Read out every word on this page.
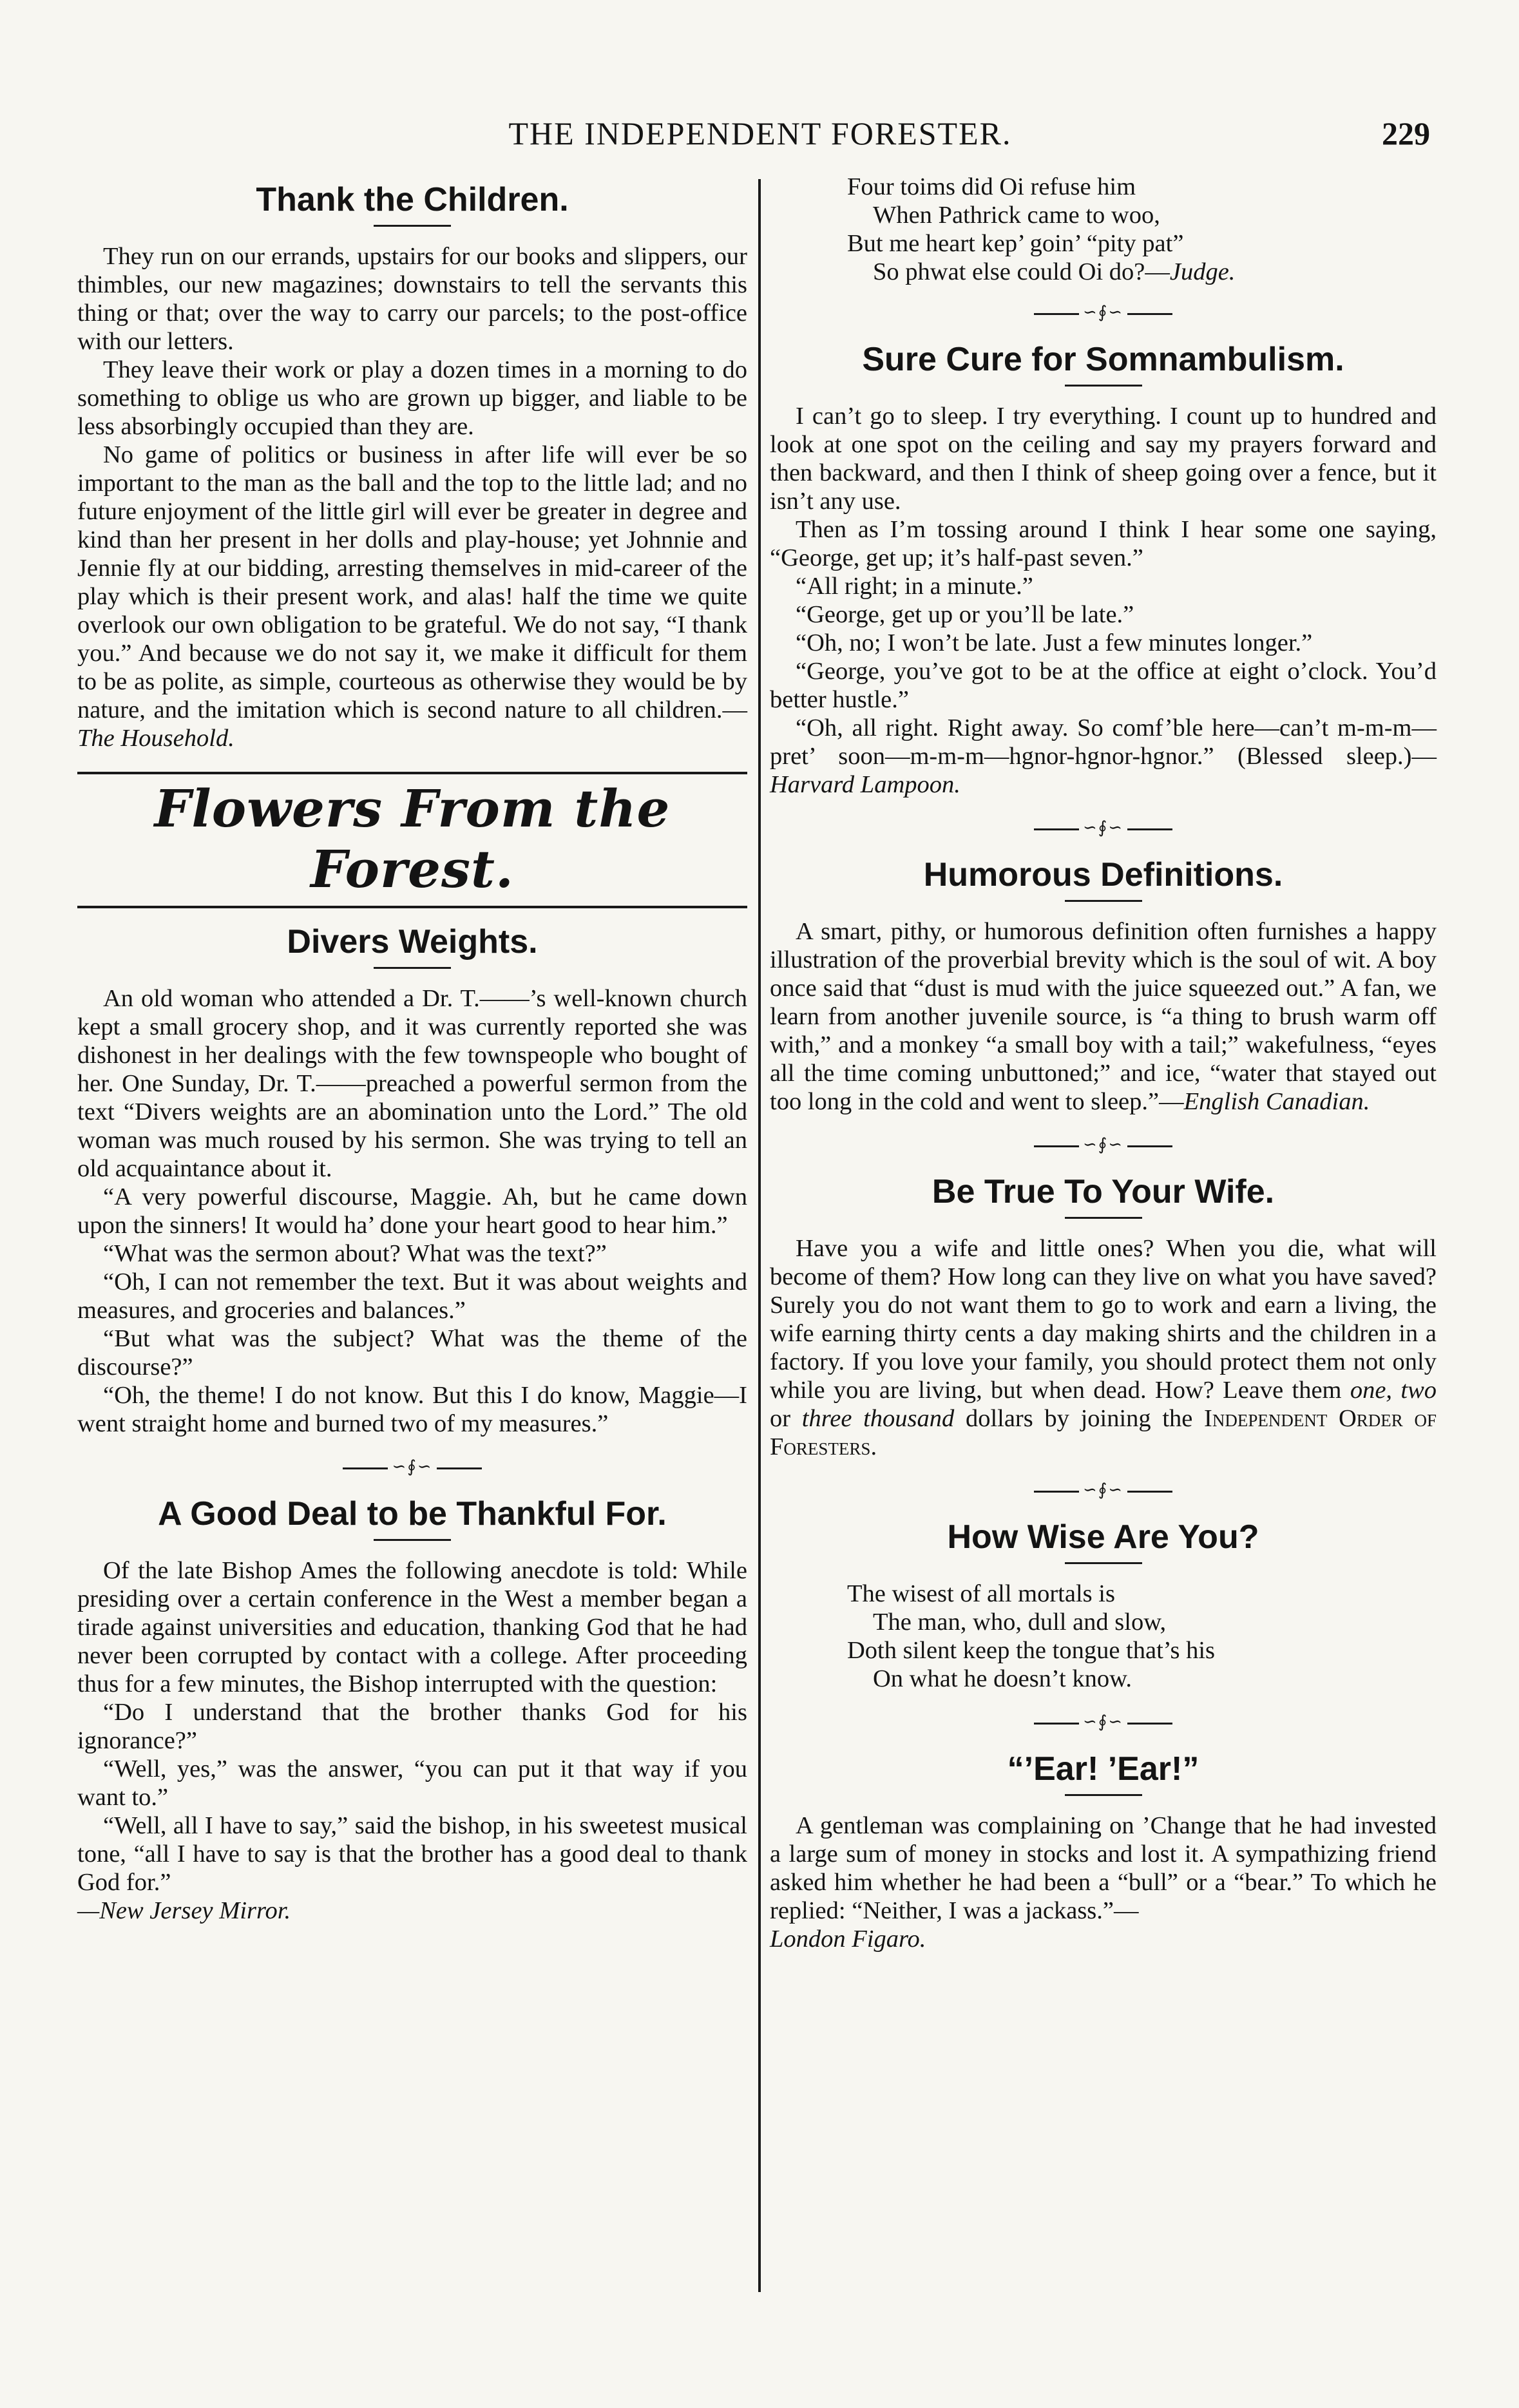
THE INDEPENDENT FORESTER.	229
Thank the Children.

They run on our errands, upstairs for our books and slippers, our thimbles, our new magazines; downstairs to tell the servants this thing or that; over the way to carry our parcels; to the post-office with our letters.

They leave their work or play a dozen times in a morning to do something to oblige us who are grown up bigger, and liable to be less absorbingly occupied than they are.

No game of politics or business in after life will ever be so important to the man as the ball and the top to the little lad; and no future enjoyment of the little girl will ever be greater in degree and kind than her present in her dolls and play-house; yet Johnnie and Jennie fly at our bidding, arresting themselves in mid-career of the play which is their present work, and alas! half the time we quite overlook our own obligation to be grateful. We do not say, “I thank you.” And because we do not say it, we make it difficult for them to be as polite, as simple, courteous as otherwise they would be by nature, and the imitation which is second nature to all children.—The Household.

Flowers From the Forest.
Divers Weights.

An old woman who attended a Dr. T.——’s well-known church kept a small grocery shop, and it was currently reported she was dishonest in her dealings with the few townspeople who bought of her. One Sunday, Dr. T.——preached a powerful sermon from the text “Divers weights are an abomination unto the Lord.” The old woman was much roused by his sermon. She was trying to tell an old acquaintance about it.

“A very powerful discourse, Maggie. Ah, but he came down upon the sinners! It would ha’ done your heart good to hear him.”

“What was the sermon about? What was the text?”

“Oh, I can not remember the text. But it was about weights and measures, and groceries and balances.”

“But what was the subject? What was the theme of the discourse?”

“Oh, the theme! I do not know. But this I do know, Maggie—I went straight home and burned two of my measures.”

∽∮∽
A Good Deal to be Thankful For.

Of the late Bishop Ames the following anecdote is told: While presiding over a certain conference in the West a member began a tirade against universities and education, thanking God that he had never been corrupted by contact with a college. After proceeding thus for a few minutes, the Bishop interrupted with the question:

“Do I understand that the brother thanks God for his ignorance?”

“Well, yes,” was the answer, “you can put it that way if you want to.”

“Well, all I have to say,” said the bishop, in his sweetest musical tone, “all I have to say is that the brother has a good deal to thank God for.”

—New Jersey Mirror.

Four toims did Oi refuse him
When Pathrick came to woo,
But me heart kep’ goin’ “pity pat”
So phwat else could Oi do?—Judge.
∽∮∽
Sure Cure for Somnambulism.

I can’t go to sleep. I try everything. I count up to hundred and look at one spot on the ceiling and say my prayers forward and then backward, and then I think of sheep going over a fence, but it isn’t any use.

Then as I’m tossing around I think I hear some one saying, “George, get up; it’s half-past seven.”

“All right; in a minute.”

“George, get up or you’ll be late.”

“Oh, no; I won’t be late. Just a few minutes longer.”

“George, you’ve got to be at the office at eight o’clock. You’d better hustle.”

“Oh, all right. Right away. So comf’ble here—can’t m-m-m—pret’ soon—m-m-m—hgnor-hgnor-hgnor.” (Blessed sleep.)—Harvard Lampoon.

∽∮∽
Humorous Definitions.

A smart, pithy, or humorous definition often furnishes a happy illustration of the proverbial brevity which is the soul of wit. A boy once said that “dust is mud with the juice squeezed out.” A fan, we learn from another juvenile source, is “a thing to brush warm off with,” and a monkey “a small boy with a tail;” wakefulness, “eyes all the time coming unbuttoned;” and ice, “water that stayed out too long in the cold and went to sleep.”—English Canadian.

∽∮∽
Be True To Your Wife.

Have you a wife and little ones? When you die, what will become of them? How long can they live on what you have saved? Surely you do not want them to go to work and earn a living, the wife earning thirty cents a day making shirts and the children in a factory. If you love your family, you should protect them not only while you are living, but when dead. How? Leave them one, two or three thousand dollars by joining the Independent Order of Foresters.

∽∮∽
How Wise Are You?
The wisest of all mortals is
The man, who, dull and slow,
Doth silent keep the tongue that’s his
On what he doesn’t know.
∽∮∽
“’Ear! ’Ear!”

A gentleman was complaining on ’Change that he had invested a large sum of money in stocks and lost it. A sympathizing friend asked him whether he had been a “bull” or a “bear.” To which he replied: “Neither, I was a jackass.”—

London Figaro.
